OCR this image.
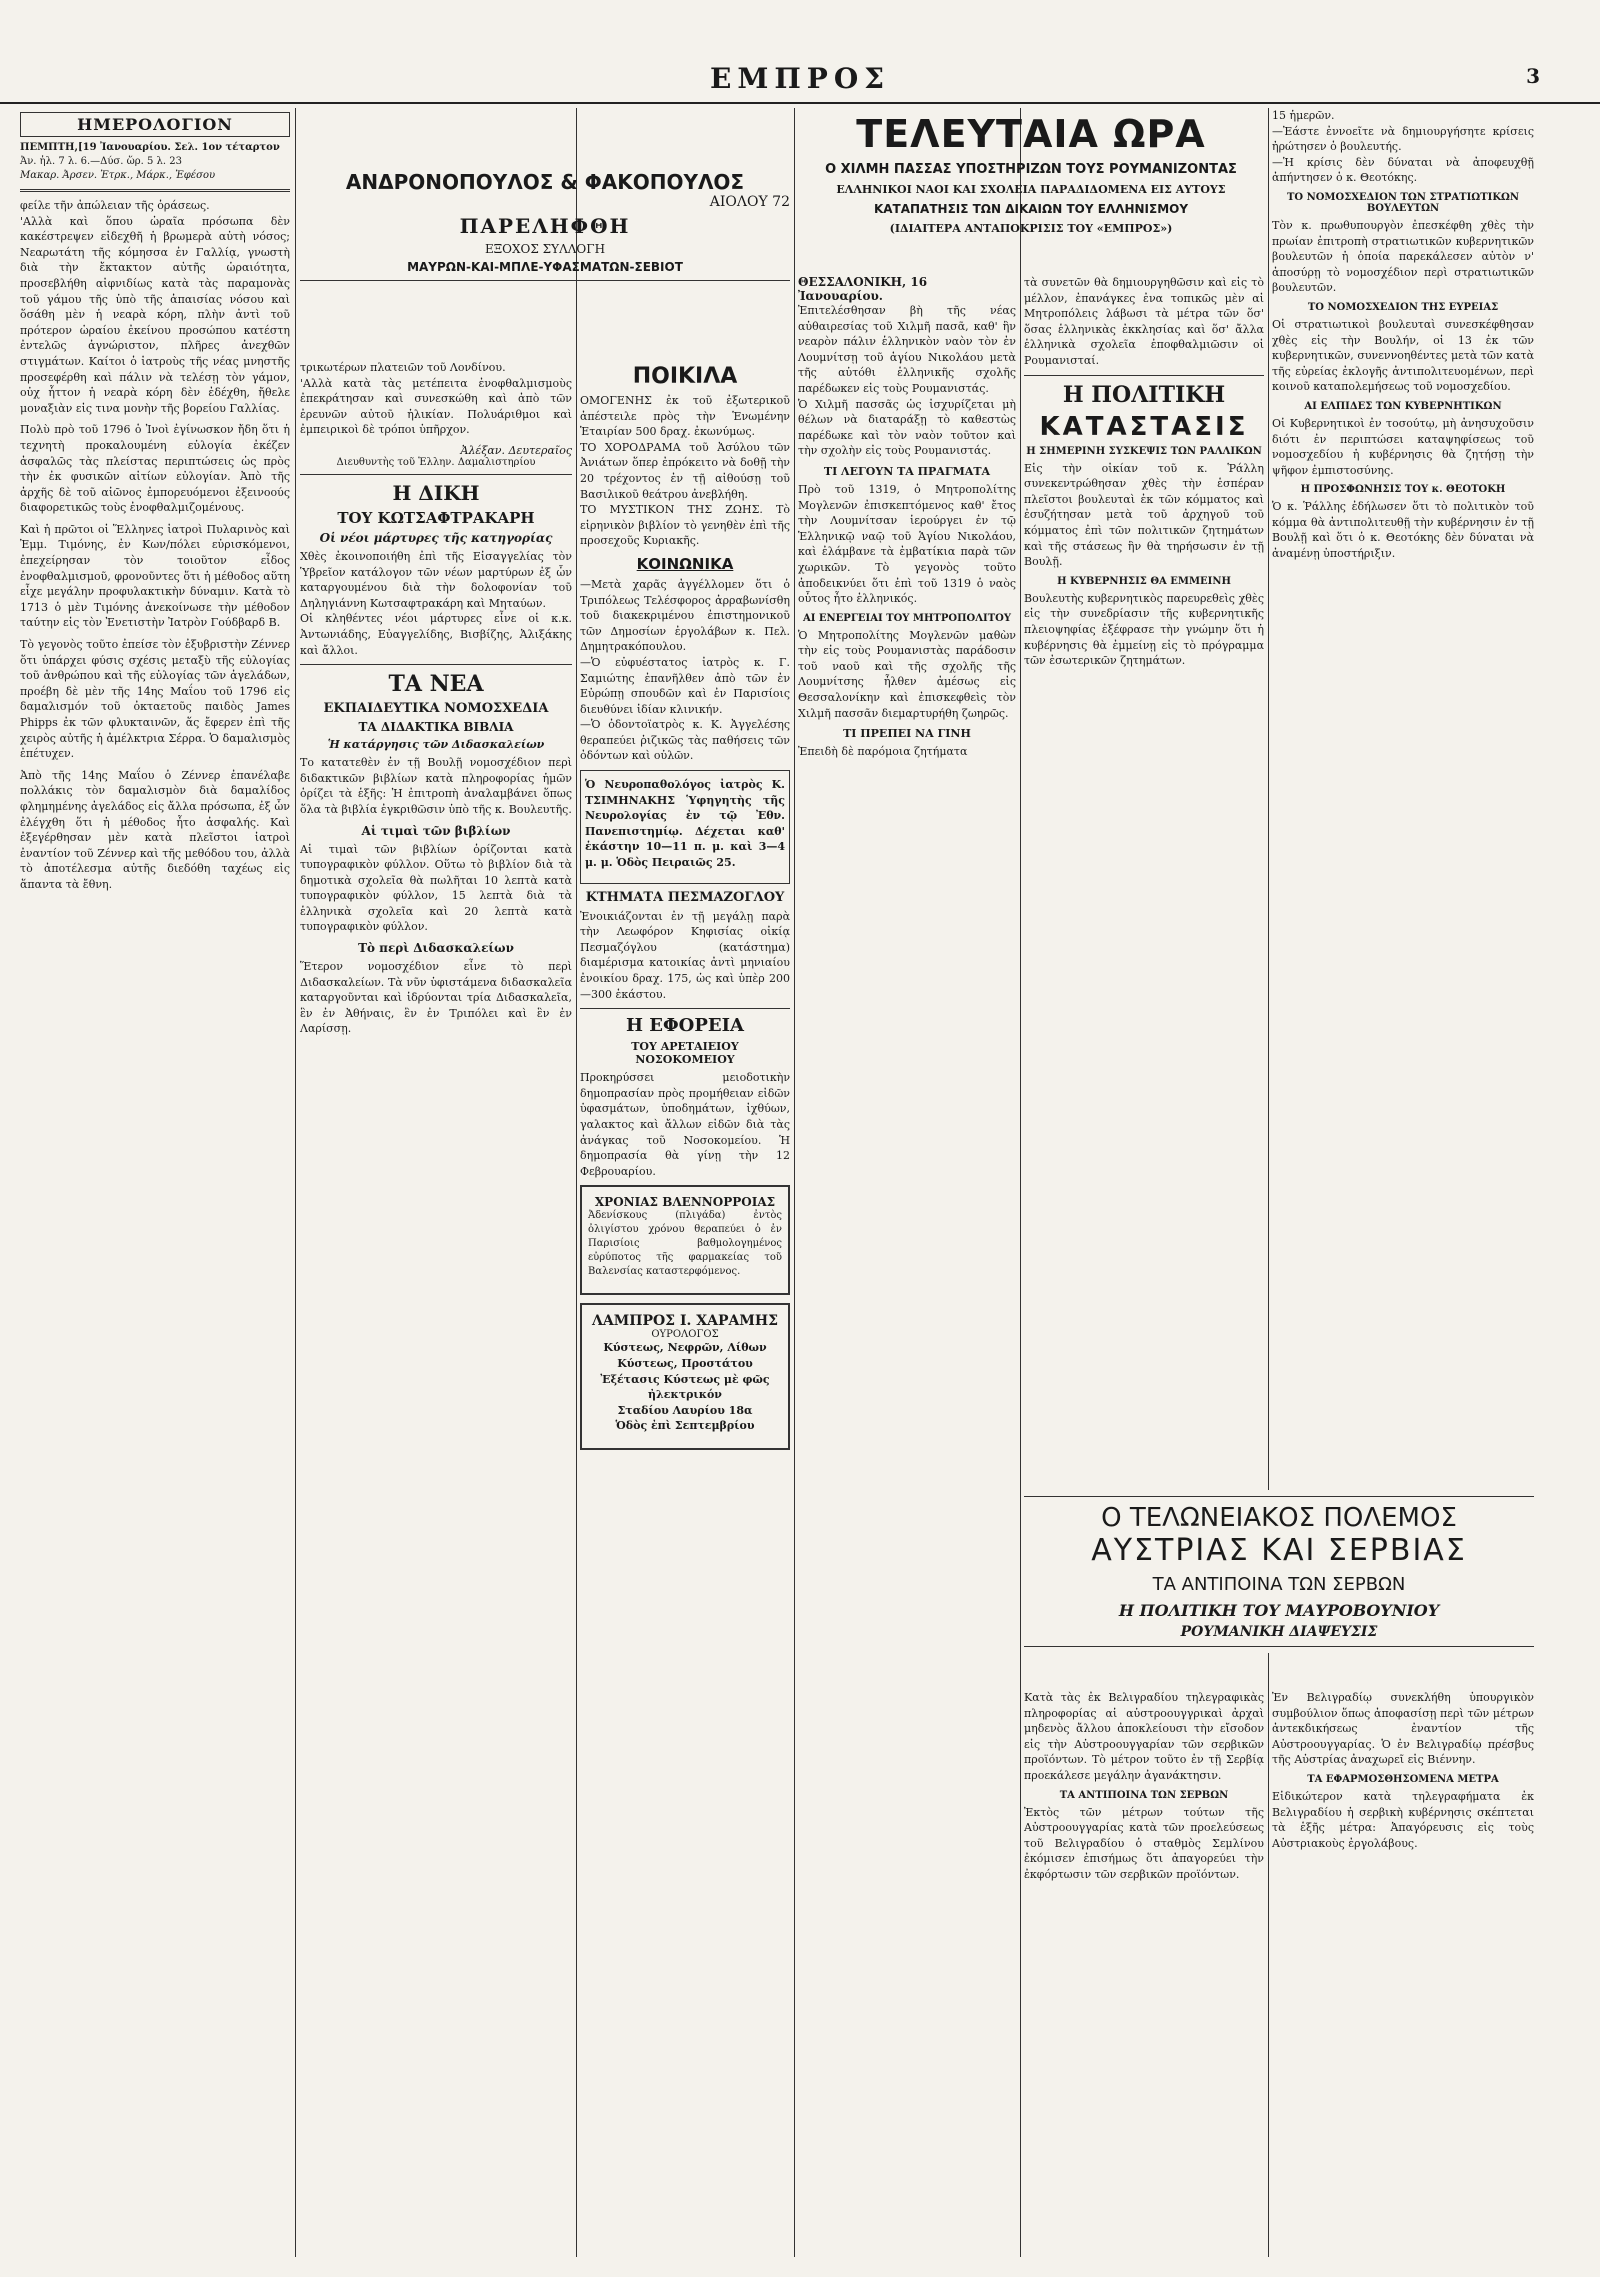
ΕΜΠΡΟΣ	3
ΗΜΕΡΟΛΟΓΙΟΝ
ΠΕΜΠΤΗ,[19 Ἰανουαρίου. Σελ. 1ον τέταρτον
Ἀν. ἡλ. 7 λ. 6.—Δύσ. ὥρ. 5 λ. 23
Μακαρ. Ἀρσεν. Ἐτρκ., Μάρκ., Ἐφέσου

φείλε τῆν ἀπώλειαν τῆς ὁράσεως.
'Αλλὰ καὶ ὅπου ὡραῖα πρόσωπα δὲν κακέστρεψεν εἰδεχθῆ ἡ βρωμερὰ αὐτὴ νόσος; Νεαρωτάτη τῆς κόμησσα ἐν Γαλλίᾳ, γνωστὴ διὰ τὴν ἔκτακτον αὐτῆς ὡραιότητα, προσεβλήθη αἰφνιδίως κατὰ τὰς παραμονὰς τοῦ γάμου τῆς ὑπὸ τῆς ἀπαισίας νόσου καὶ ὅσάθη μὲν ἡ νεαρὰ κόρη, πλὴν ἀντὶ τοῦ πρότερον ὡραίου ἐκείνου προσώπου κατέστη ἐντελῶς ἀγνώριστον, πλῆρες ἀνεχθῶν στιγμάτων. Καίτοι ὁ ἱατροὺς τῆς νέας μνηστῆς προσεφέρθη καὶ πάλιν νὰ τελέσῃ τὸν γάμον, οὐχ ἧττον ἡ νεαρὰ κόρη δὲν ἐδέχθη, ἤθελε μοναξιὰν εἰς τινα μονὴν τῆς βορείου Γαλλίας.

Πολὺ πρὸ τοῦ 1796 ὁ Ἰνοὶ ἐγίνωσκον ἤδη ὅτι ἡ τεχνητὴ προκαλουμένη εὐλογία ἐκέζεν ἀσφαλῶς τὰς πλείστας περιπτώσεις ὡς πρὸς τὴν ἐκ φυσικῶν αἰτίων εὐλογίαν. Ἀπὸ τῆς ἀρχῆς δὲ τοῦ αἰῶνος ἐμπορευόμενοι ἐξεινοούς διαφορετικῶς τοὺς ἐνοφθαλμιζομένους.

Καὶ ἡ πρῶτοι οἱ Ἕλληνες ἰατροὶ Πυλαρινὸς καὶ Ἐμμ. Τιμόνης, ἐν Κων/πόλει εὐρισκόμενοι, ἐπεχείρησαν τὸν τοιοῦτον εἶδος ἐνοφθαλμισμοῦ, φρονοῦντες ὅτι ἡ μέθοδος αὕτη εἶχε μεγάλην προφυλακτικὴν δύναμιν. Κατὰ τὸ 1713 ὁ μὲν Τιμόνης ἀνεκοίνωσε τὴν μέθοδον ταύτην εἰς τὸν Ἐνετιστὴν Ἰατρὸν Γούδβαρδ Β.

Τὸ γεγονὸς τοῦτο ἐπείσε τὸν ἐξυβριστὴν Ζέννερ ὅτι ὑπάρχει φύσις σχέσις μεταξὺ τῆς εὐλογίας τοῦ ἀνθρώπου καὶ τῆς εὐλογίας τῶν ἀγελάδων, προέβη δὲ μὲν τῆς 14ης Μαΐου τοῦ 1796 εἰς δαμαλισμόν τοῦ ὀκταετοῦς παιδὸς James Phipps ἐκ τῶν φλυκταινῶν, ἅς ἔφερεν ἐπὶ τῆς χειρὸς αὐτῆς ἡ ἀμέλκτρια Σέρρα. Ὁ δαμαλισμὸς ἐπέτυχεν.

Ἀπὸ τῆς 14ης Μαΐου ὁ Ζέννερ ἐπανέλαβε πολλάκις τὸν δαμαλισμὸν διὰ δαμαλίδος φλημημένης ἀγελάδος εἰς ἄλλα πρόσωπα, ἐξ ὧν ἐλέγχθη ὅτι ἡ μέθοδος ἦτο ἀσφαλής. Καὶ ἐξεγέρθησαν μὲν κατὰ πλεῖστοι ἰατροὶ ἐναντίον τοῦ Ζέννερ καὶ τῆς μεθόδου του, ἀλλὰ τὸ ἀποτέλεσμα αὐτῆς διεδόθη ταχέως εἰς ἅπαντα τὰ ἔθνη.

ΑΝΔΡΟΝΟΠΟΥΛΟΣ & ΦΑΚΟΠΟΥΛΟΣ
ΑΙΟΛΟΥ 72
ΠΑΡΕΛΗΦΘΗ
ΕΞΟΧΟΣ ΣΥΛΛΟΓΗ
ΜΑΥΡΩΝ-ΚΑΙ-ΜΠΛΕ-ΥΦΑΣΜΑΤΩΝ-ΣΕΒΙΟΤ

τρικωτέρων πλατειῶν τοῦ Λονδίνου.
'Αλλὰ κατὰ τὰς μετέπειτα ἐνοφθαλμισμοὺς ἐπεκράτησαν καὶ συνεσκώθη καὶ ἀπὸ τῶν ἐρευνῶν αὐτοῦ ἡλικίαν. Πολυάριθμοι καὶ ἐμπειρικοὶ δὲ τρόποι ὑπῆρχον.

Ἀλέξαν. Δευτεραῖος
Διευθυντὴς τοῦ Ἑλλην. Δαμαλιστηρίου
Η ΔΙΚΗ
ΤΟΥ ΚΩΤΣΑΦΤΡΑΚΑΡΗ
Οἱ νέοι μάρτυρες τῆς κατηγορίας

Χθὲς ἐκοινοποιήθη ἐπὶ τῆς Εἰσαγγελίας τὸν Ὑβρεῖον κατάλογον τῶν νέων μαρτύρων ἐξ ὧν καταργουμένου διὰ τὴν δολοφονίαν τοῦ Δηληγιάννη Κωτσαφτρακάρη καὶ Μηταύων.
Οἱ κληθέντες νέοι μάρτυρες εἶνε οἱ κ.κ. Ἀντωνιάδης, Εὐαγγελίδης, Βισβίζης, Ἀλιξάκης καὶ ἄλλοι.

ΤΑ ΝΕΑ
ΕΚΠΑΙΔΕΥΤΙΚΑ ΝΟΜΟΣΧΕΔΙΑ
ΤΑ ΔΙΔΑΚΤΙΚΑ ΒΙΒΛΙΑ
Ἡ κατάργησις τῶν Διδασκαλείων

Το κατατεθὲν ἐν τῇ Βουλῇ νομοσχέδιον περὶ διδακτικῶν βιβλίων κατὰ πληροφορίας ἡμῶν ὁρίζει τὰ ἑξῆς: Ἡ ἐπιτροπὴ ἀναλαμβάνει ὅπως ὅλα τὰ βιβλία ἐγκριθῶσιν ὑπὸ τῆς κ. Βουλευτῆς.

Αἱ τιμαὶ τῶν βιβλίων

Αἱ τιμαὶ τῶν βιβλίων ὁρίζονται κατὰ τυπογραφικὸν φύλλον. Οὕτω τὸ βιβλίον διὰ τὰ δημοτικὰ σχολεῖα θὰ πωλῆται 10 λεπτὰ κατὰ τυπογραφικὸν φύλλον, 15 λεπτὰ διὰ τὰ ἑλληνικὰ σχολεῖα καὶ 20 λεπτὰ κατὰ τυπογραφικὸν φύλλον.

Τὸ περὶ Διδασκαλείων

Ἕτερον νομοσχέδιον εἶνε τὸ περὶ Διδασκαλείων. Τὰ νῦν ὑφιστάμενα διδασκαλεῖα καταργοῦνται καὶ ἱδρύονται τρία Διδασκαλεῖα, ἓν ἐν Ἀθήναις, ἓν ἐν Τριπόλει καὶ ἓν ἐν Λαρίσσῃ.

ΠΟΙΚΙΛΑ

ΟΜΟΓΕΝΗΣ ἐκ τοῦ ἐξωτερικοῦ ἀπέστειλε πρὸς τὴν Ἑνωμένην Ἑταιρίαν 500 δραχ. ἐκωνύμως.
ΤΟ ΧΟΡΟΔΡΑΜΑ τοῦ Ἀσύλου τῶν Ἀνιάτων ὅπερ ἐπρόκειτο νὰ δοθῇ τὴν 20 τρέχοντος ἐν τῇ αἰθούσῃ τοῦ Βασιλικοῦ θεάτρου ἀνεβλήθη.
ΤΟ ΜΥΣΤΙΚΟΝ ΤΗΣ ΖΩΗΣ. Τὸ εἰρηνικὸν βιβλίον τὸ γενηθὲν ἐπὶ τῆς προσεχοῦς Κυριακῆς.

ΚΟΙΝΩΝΙΚΑ

—Μετὰ χαρᾶς ἀγγέλλομεν ὅτι ὁ Τριπόλεως Τελέσφορος ἀρραβωνίσθη τοῦ διακεκριμένου ἐπιστημονικοῦ τῶν Δημοσίων ἐργολάβων κ. Πελ. Δημητρακόπουλου.
—Ὁ εὐφυέστατος ἰατρὸς κ. Γ. Σαμιώτης ἐπανῆλθεν ἀπὸ τῶν ἐν Εὐρώπῃ σπουδῶν καὶ ἐν Παρισίοις διευθύνει ἰδίαν κλινικήν.
—Ὁ ὀδοντοϊατρὸς κ. Κ. Ἀγγελέσης θεραπεύει ῥιζικῶς τὰς παθήσεις τῶν ὀδόντων καὶ οὐλῶν.

Ὁ Νευροπαθολόγος ἰατρὸς Κ. ΤΣΙΜΗΝΑΚΗΣ Ὑφηγητὴς τῆς Νευρολογίας ἐν τῷ Ἐθν. Πανεπιστημίῳ. Δέχεται καθ' ἑκάστην 10—11 π. μ. καὶ 3—4 μ. μ. Ὁδὸς Πειραιῶς 25.

ΚΤΗΜΑΤΑ ΠΕΣΜΑΖΟΓΛΟΥ

Ἐνοικιάζονται ἐν τῇ μεγάλῃ παρὰ τὴν Λεωφόρον Κηφισίας οἰκίᾳ Πεσμαζόγλου (κατάστημα) διαμέρισμα κατοικίας ἀντὶ μηνιαίου ἐνοικίου δραχ. 175, ὡς καὶ ὑπὲρ 200—300 ἑκάστου.

Η ΕΦΟΡΕΙΑ
ΤΟΥ ΑΡΕΤΑΙΕΙΟΥ ΝΟΣΟΚΟΜΕΙΟΥ

Προκηρύσσει μειοδοτικὴν δημοπρασίαν πρὸς προμήθειαν εἰδῶν ὑφασμάτων, ὑποδημάτων, ἰχθύων, γαλακτος καὶ ἄλλων εἰδῶν διὰ τὰς ἀνάγκας τοῦ Νοσοκομείου. Ἡ δημοπρασία θὰ γίνῃ τὴν 12 Φεβρουαρίου.

ΧΡΟΝΙΑΣ ΒΛΕΝΝΟΡΡΟΙΑΣ

Ἀδενίσκους (πλιγάδα) ἐντὸς ὀλιγίστου χρόνου θεραπεύει ὁ ἐν Παρισίοις βαθμολογημένος εὐρύποτος τῆς φαρμακείας τοῦ Βαλενσίας καταστερφόμενος.

ΛΑΜΠΡΟΣ Ι. ΧΑΡΑΜΗΣ
ΟΥΡΟΛΟΓΟΣ

Κύστεως, Νεφρῶν, Λίθων Κύστεως, Προστάτου
Ἐξέτασις Κύστεως μὲ φῶς ἠλεκτρικόν
Σταδίου Λαυρίου 18α
Ὁδὸς ἐπὶ Σεπτεμβρίου

ΤΕΛΕΥΤΑΙΑ ΩΡΑ
Ο ΧΙΛΜΗ ΠΑΣΣΑΣ ΥΠΟΣΤΗΡΙΖΩΝ ΤΟΥΣ ΡΟΥΜΑΝΙΖΟΝΤΑΣ
ΕΛΛΗΝΙΚΟΙ ΝΑΟΙ ΚΑΙ ΣΧΟΛΕΙΑ ΠΑΡΑΔΙΔΟΜΕΝΑ ΕΙΣ ΑΥΤΟΥΣ
ΚΑΤΑΠΑΤΗΣΙΣ ΤΩΝ ΔΙΚΑΙΩΝ ΤΟΥ ΕΛΛΗΝΙΣΜΟΥ
(ΙΔΙΑΙΤΕΡΑ ΑΝΤΑΠΟΚΡΙΣΙΣ ΤΟΥ «ΕΜΠΡΟΣ»)
ΘΕΣΣΑΛΟΝΙΚΗ, 16 Ἰανουαρίου.

Ἐπιτελέσθησαν βὴ τῆς νέας αὐθαιρεσίας τοῦ Χιλμῆ πασᾶ, καθ' ἣν νεαρὸν πάλιν ἑλληνικὸν ναὸν τὸν ἐν Λουμνίτσῃ τοῦ ἁγίου Νικολάου μετὰ τῆς αὐτόθι ἑλληνικῆς σχολῆς παρέδωκεν εἰς τοὺς Ρουμανιστάς.
Ὁ Χιλμῆ πασσᾶς ὡς ἰσχυρίζεται μὴ θέλων νὰ διαταράξῃ τὸ καθεστὼς παρέδωκε καὶ τὸν ναὸν τοῦτον καὶ τὴν σχολὴν εἰς τοὺς Ρουμανιστάς.

ΤΙ ΛΕΓΟΥΝ ΤΑ ΠΡΑΓΜΑΤΑ

Πρὸ τοῦ 1319, ὁ Μητροπολίτης Μογλενῶν ἐπισκεπτόμενος καθ' ἔτος τὴν Λουμνίτσαν ἱερούργει ἐν τῷ Ἑλληνικῷ ναῷ τοῦ Ἁγίου Νικολάου, καὶ ἐλάμβανε τὰ ἐμβατίκια παρὰ τῶν χωρικῶν. Τὸ γεγονὸς τοῦτο ἀποδεικνύει ὅτι ἐπὶ τοῦ 1319 ὁ ναὸς οὗτος ἦτο ἑλληνικός.

ΑΙ ΕΝΕΡΓΕΙΑΙ ΤΟΥ ΜΗΤΡΟΠΟΛΙΤΟΥ

Ὁ Μητροπολίτης Μογλενῶν μαθὼν τὴν εἰς τοὺς Ρουμανιστὰς παράδοσιν τοῦ ναοῦ καὶ τῆς σχολῆς τῆς Λουμνίτσης ἦλθεν ἀμέσως εἰς Θεσσαλονίκην καὶ ἐπισκεφθεὶς τὸν Χιλμῆ πασσᾶν διεμαρτυρήθη ζωηρῶς.

ΤΙ ΠΡΕΠΕΙ ΝΑ ΓΙΝΗ

Ἐπειδὴ δὲ παρόμοια ζητήματα

τὰ συνετῶν θὰ δημιουργηθῶσιν καὶ εἰς τὸ μέλλον, ἐπανάγκες ἐνα τοπικῶς μὲν αἱ Μητροπόλεις λάβωσι τὰ μέτρα τῶν ὅσ' ὅσας ἑλληνικὰς ἐκκλησίας καὶ ὅσ' ἄλλα ἑλληνικὰ σχολεῖα ἐποφθαλμιῶσιν οἱ Ρουμανισταί.

Η ΠΟΛΙΤΙΚΗ
ΚΑΤΑΣΤΑΣΙΣ
Η ΣΗΜΕΡΙΝΗ ΣΥΣΚΕΨΙΣ ΤΩΝ ΡΑΛΛΙΚΩΝ

Εἰς τὴν οἰκίαν τοῦ κ. Ῥάλλη συνεκεντρώθησαν χθὲς τὴν ἑσπέραν πλεῖστοι βουλευταὶ ἐκ τῶν κόμματος καὶ ἐσυζήτησαν μετὰ τοῦ ἀρχηγοῦ τοῦ κόμματος ἐπὶ τῶν πολιτικῶν ζητημάτων καὶ τῆς στάσεως ἣν θὰ τηρήσωσιν ἐν τῇ Βουλῇ.

Η ΚΥΒΕΡΝΗΣΙΣ ΘΑ ΕΜΜΕΙΝΗ

Βουλευτὴς κυβερνητικὸς παρευρεθεὶς χθὲς εἰς τὴν συνεδρίασιν τῆς κυβερνητικῆς πλειοψηφίας ἐξέφρασε τὴν γνώμην ὅτι ἡ κυβέρνησις θὰ ἐμμείνῃ εἰς τὸ πρόγραμμα τῶν ἐσωτερικῶν ζητημάτων.

15 ἡμερῶν.
—Ἐάστε ἐννοεῖτε νὰ δημιουργήσητε κρίσεις ἠρώτησεν ὁ βουλευτής.
—Ἡ κρίσις δὲν δύναται νὰ ἀποφευχθῇ ἀπήντησεν ὁ κ. Θεοτόκης.

ΤΟ ΝΟΜΟΣΧΕΔΙΟΝ ΤΩΝ ΣΤΡΑΤΙΩΤΙΚΩΝ ΒΟΥΛΕΥΤΩΝ

Τὸν κ. πρωθυπουργὸν ἐπεσκέφθη χθὲς τὴν πρωίαν ἐπιτροπὴ στρατιωτικῶν κυβερνητικῶν βουλευτῶν ἡ ὁποία παρεκάλεσεν αὐτὸν ν' ἀποσύρῃ τὸ νομοσχέδιον περὶ στρατιωτικῶν βουλευτῶν.

ΤΟ ΝΟΜΟΣΧΕΔΙΟΝ ΤΗΣ ΕΥΡΕΙΑΣ

Οἱ στρατιωτικοὶ βουλευταὶ συνεσκέφθησαν χθὲς εἰς τὴν Βουλήν, οἱ 13 ἐκ τῶν κυβερνητικῶν, συνεννοηθέντες μετὰ τῶν κατὰ τῆς εὐρείας ἐκλογῆς ἀντιπολιτευομένων, περὶ κοινοῦ καταπολεμήσεως τοῦ νομοσχεδίου.

ΑΙ ΕΛΠΙΔΕΣ ΤΩΝ ΚΥΒΕΡΝΗΤΙΚΩΝ

Οἱ Κυβερνητικοὶ ἐν τοσούτῳ, μὴ ἀνησυχοῦσιν διότι ἐν περιπτώσει καταψηφίσεως τοῦ νομοσχεδίου ἡ κυβέρνησις θὰ ζητήσῃ τὴν ψῆφον ἐμπιστοσύνης.

Η ΠΡΟΣΦΩΝΗΣΙΣ ΤΟΥ κ. ΘΕΟΤΟΚΗ

Ὁ κ. Ῥάλλης ἐδήλωσεν ὅτι τὸ πολιτικὸν τοῦ κόμμα θὰ ἀντιπολιτευθῇ τὴν κυβέρνησιν ἐν τῇ Βουλῇ καὶ ὅτι ὁ κ. Θεοτόκης δὲν δύναται νὰ ἀναμένῃ ὑποστήριξιν.

Ο ΤΕΛΩΝΕΙΑΚΟΣ ΠΟΛΕΜΟΣ
ΑΥΣΤΡΙΑΣ ΚΑΙ ΣΕΡΒΙΑΣ
ΤΑ ΑΝΤΙΠΟΙΝΑ ΤΩΝ ΣΕΡΒΩΝ
Η ΠΟΛΙΤΙΚΗ ΤΟΥ ΜΑΥΡΟΒΟΥΝΙΟΥ
ΡΟΥΜΑΝΙΚΗ ΔΙΑΨΕΥΣΙΣ

Κατὰ τὰς ἐκ Βελιγραδίου τηλεγραφικὰς πληροφορίας αἱ αὐστροουγγρικαὶ ἀρχαὶ μηδενὸς ἄλλου ἀποκλείουσι τὴν εἴσοδον εἰς τὴν Αὐστροουγγαρίαν τῶν σερβικῶν προϊόντων. Τὸ μέτρον τοῦτο ἐν τῇ Σερβίᾳ προεκάλεσε μεγάλην ἀγανάκτησιν.

ΤΑ ΑΝΤΙΠΟΙΝΑ ΤΩΝ ΣΕΡΒΩΝ

Ἐκτὸς τῶν μέτρων τούτων τῆς Αὐστροουγγαρίας κατὰ τῶν προελεύσεως τοῦ Βελιγραδίου ὁ σταθμὸς Σεμλίνου ἐκόμισεν ἐπισήμως ὅτι ἀπαγορεύει τὴν ἐκφόρτωσιν τῶν σερβικῶν προϊόντων.

Ἐν Βελιγραδίῳ συνεκλήθη ὑπουργικὸν συμβούλιον ὅπως ἀποφασίσῃ περὶ τῶν μέτρων ἀντεκδικήσεως ἐναντίον τῆς Αὐστροουγγαρίας. Ὁ ἐν Βελιγραδίῳ πρέσβυς τῆς Αὐστρίας ἀναχωρεῖ εἰς Βιέννην.

ΤΑ ΕΦΑΡΜΟΣΘΗΣΟΜΕΝΑ ΜΕΤΡΑ

Εἰδικώτερον κατὰ τηλεγραφήματα ἐκ Βελιγραδίου ἡ σερβικὴ κυβέρνησις σκέπτεται τὰ ἑξῆς μέτρα: Ἀπαγόρευσις εἰς τοὺς Αὐστριακοὺς ἐργολάβους.
